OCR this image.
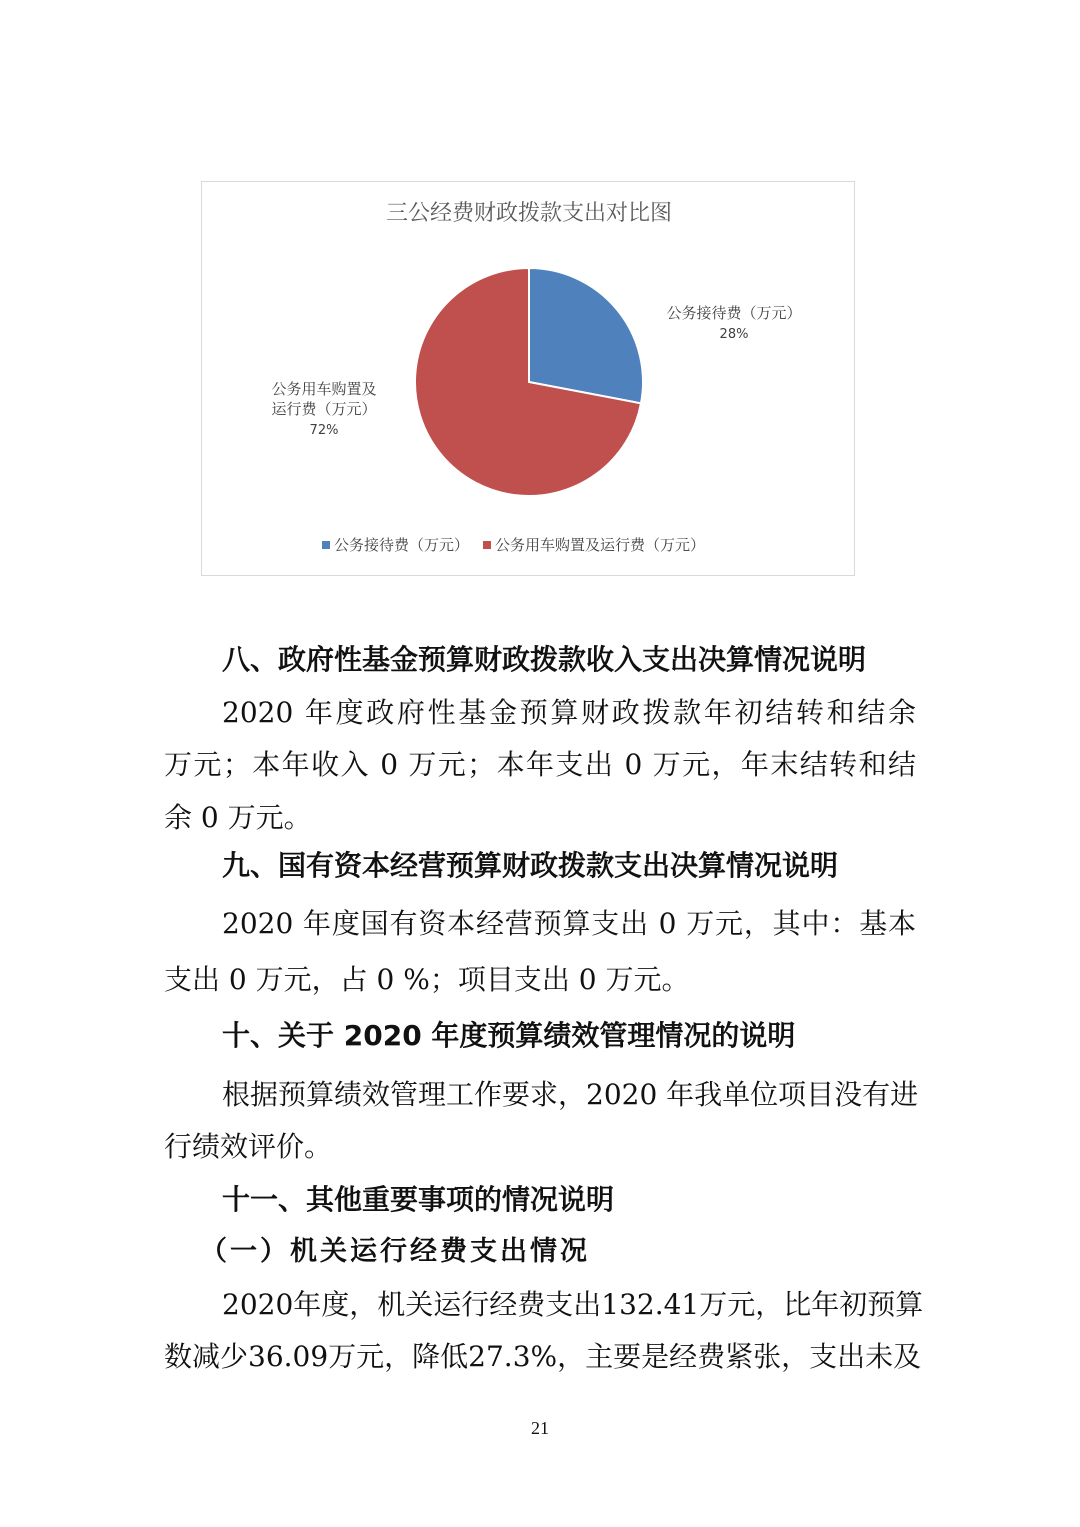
三公经费财政拨款支出对比图
公务接待费（万元）
28%
公务用车购置及
运行费（万元）
72%
公务接待费（万元） 公务用车购置及运行费（万元）
八、政府性基金预算财政拨款收入支出决算情况说明

2020 年度政府性基金预算财政拨款年初结转和结余

万元；本年收入 0 万元；本年支出 0 万元，年末结转和结

余 0 万元。

九、国有资本经营预算财政拨款支出决算情况说明

2020 年度国有资本经营预算支出 0 万元，其中：基本

支出 0 万元，占 0 %；项目支出 0 万元。

十、关于 2020 年度预算绩效管理情况的说明

根据预算绩效管理工作要求，2020 年我单位项目没有进

行绩效评价。

十一、其他重要事项的情况说明
（一）机关运行经费支出情况

2020年度，机关运行经费支出132.41万元，比年初预算

数减少36.09万元，降低27.3%，主要是经费紧张，支出未及

21
